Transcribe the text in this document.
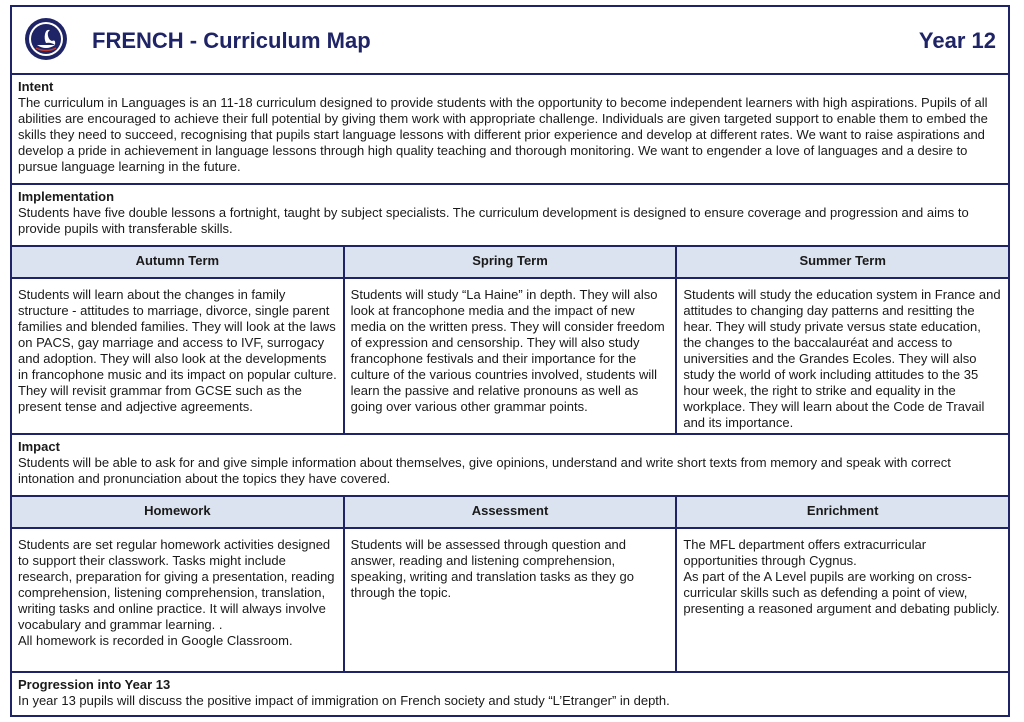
FRENCH - Curriculum Map	Year 12
Intent

The curriculum in Languages is an 11-18 curriculum designed to provide students with the opportunity to become independent learners with high aspirations. Pupils of all abilities are encouraged to achieve their full potential by giving them work with appropriate challenge. Individuals are given targeted support to enable them to embed the skills they need to succeed, recognising that pupils start language lessons with different prior experience and develop at different rates. We want to raise aspirations and develop a pride in achievement in language lessons through high quality teaching and thorough monitoring. We want to engender a love of languages and a desire to pursue language learning in the future.

Implementation

Students have five double lessons a fortnight, taught by subject specialists. The curriculum development is designed to ensure coverage and progression and aims to provide pupils with transferable skills.

Autumn Term
Students will learn about the changes in family structure - attitudes to marriage, divorce, single parent families and blended families. They will look at the laws on PACS, gay marriage and access to IVF, surrogacy and adoption. They will also look at the developments in francophone music and its impact on popular culture. They will revisit grammar from GCSE such as the present tense and adjective agreements.
Spring Term
Students will study “La Haine” in depth. They will also look at francophone media and the impact of new media on the written press. They will consider freedom of expression and censorship. They will also study francophone festivals and their importance for the culture of the various countries involved, students will learn the passive and relative pronouns as well as going over various other grammar points.
Summer Term
Students will study the education system in France and attitudes to changing day patterns and resitting the hear. They will study private versus state education, the changes to the baccalauréat and access to universities and the Grandes Ecoles. They will also study the world of work including attitudes to the 35 hour week, the right to strike and equality in the workplace. They will learn about the Code de Travail and its importance.
Impact

Students will be able to ask for and give simple information about themselves, give opinions, understand and write short texts from memory and speak with correct intonation and pronunciation about the topics they have covered.

Homework
Students are set regular homework activities designed to support their classwork. Tasks might include research, preparation for giving a presentation, reading comprehension, listening comprehension, translation, writing tasks and online practice. It will always involve vocabulary and grammar learning. .
All homework is recorded in Google Classroom.
Assessment
Students will be assessed through question and answer, reading and listening comprehension, speaking, writing and translation tasks as they go through the topic.
Enrichment
The MFL department offers extracurricular opportunities through Cygnus.
As part of the A Level pupils are working on cross-curricular skills such as defending a point of view, presenting a reasoned argument and debating publicly.
Progression into Year 13

In year 13 pupils will discuss the positive impact of immigration on French society and study “L’Etranger” in depth.
